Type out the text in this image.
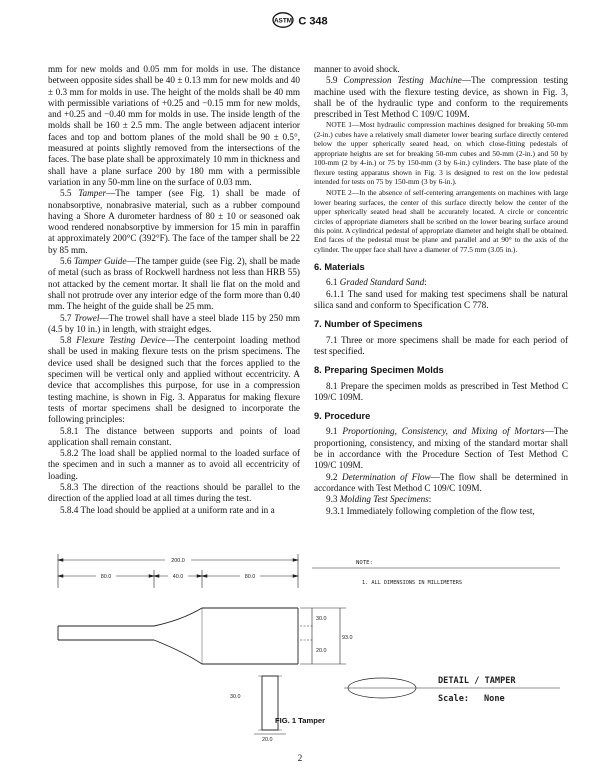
ASTM C 348

mm for new molds and 0.05 mm for molds in use. The distance between opposite sides shall be 40 ± 0.13 mm for new molds and 40 ± 0.3 mm for molds in use. The height of the molds shall be 40 mm with permissible variations of +0.25 and −0.15 mm for new molds, and +0.25 and −0.40 mm for molds in use. The inside length of the molds shall be 160 ± 2.5 mm. The angle between adjacent interior faces and top and bottom planes of the mold shall be 90 ± 0.5°, measured at points slightly removed from the intersections of the faces. The base plate shall be approximately 10 mm in thickness and shall have a plane surface 200 by 180 mm with a permissible variation in any 50-mm line on the surface of 0.03 mm.

5.5 Tamper—The tamper (see Fig. 1) shall be made of nonabsorptive, nonabrasive material, such as a rubber compound having a Shore A durometer hardness of 80 ± 10 or seasoned oak wood rendered nonabsorptive by immersion for 15 min in paraffin at approximately 200°C (392°F). The face of the tamper shall be 22 by 85 mm.

5.6 Tamper Guide—The tamper guide (see Fig. 2), shall be made of metal (such as brass of Rockwell hardness not less than HRB 55) not attacked by the cement mortar. It shall lie flat on the mold and shall not protrude over any interior edge of the form more than 0.40 mm. The height of the guide shall be 25 mm.

5.7 Trowel—The trowel shall have a steel blade 115 by 250 mm (4.5 by 10 in.) in length, with straight edges.

5.8 Flexure Testing Device—The centerpoint loading method shall be used in making flexure tests on the prism specimens. The device used shall be designed such that the forces applied to the specimen will be vertical only and applied without eccentricity. A device that accomplishes this purpose, for use in a compression testing machine, is shown in Fig. 3. Apparatus for making flexure tests of mortar specimens shall be designed to incorporate the following principles:

5.8.1 The distance between supports and points of load application shall remain constant.

5.8.2 The load shall be applied normal to the loaded surface of the specimen and in such a manner as to avoid all eccentricity of loading.

5.8.3 The direction of the reactions should be parallel to the direction of the applied load at all times during the test.

5.8.4 The load should be applied at a uniform rate and in a

manner to avoid shock.

5.9 Compression Testing Machine—The compression testing machine used with the flexure testing device, as shown in Fig. 3, shall be of the hydraulic type and conform to the requirements prescribed in Test Method C 109/C 109M.

NOTE 1—Most hydraulic compression machines designed for breaking 50-mm (2-in.) cubes have a relatively small diameter lower bearing surface directly centered below the upper spherically seated head, on which close-fitting pedestals of appropriate heights are set for breaking 50-mm cubes and 50-mm (2-in.) and 50 by 100-mm (2 by 4-in.) or 75 by 150-mm (3 by 6-in.) cylinders. The base plate of the flexure testing apparatus shown in Fig. 3 is designed to rest on the low pedestal intended for tests on 75 by 150-mm (3 by 6-in.).

NOTE 2—In the absence of self-centering arrangements on machines with large lower bearing surfaces, the center of this surface directly below the center of the upper spherically seated head shall be accurately located. A circle or concentric circles of appropriate diameters shall be scribed on the lower bearing surface around this point. A cylindrical pedestal of appropriate diameter and height shall be obtained. End faces of the pedestal must be plane and parallel and at 90° to the axis of the cylinder. The upper face shall have a diameter of 77.5 mm (3.05 in.).

6. Materials

6.1 Graded Standard Sand:

6.1.1 The sand used for making test specimens shall be natural silica sand and conform to Specification C 778.

7. Number of Specimens

7.1 Three or more specimens shall be made for each period of test specified.

8. Preparing Specimen Molds

8.1 Prepare the specimen molds as prescribed in Test Method C 109/C 109M.

9. Procedure

9.1 Proportioning, Consistency, and Mixing of Mortars—The proportioning, consistency, and mixing of the standard mortar shall be in accordance with the Procedure Section of Test Method C 109/C 109M.

9.2 Determination of Flow—The flow shall be determined in accordance with Test Method C 109/C 109M.

9.3 Molding Test Specimens:

9.3.1 Immediately following completion of the flow test,

200.0
80.0	40.0	80.0
30.0
93.0
20.0
30.0
20.0
NOTE:
1. ALL DIMENSIONS IN MILLIMETERS
DETAIL / TAMPER
Scale: None
FIG. 1 Tamper
2
